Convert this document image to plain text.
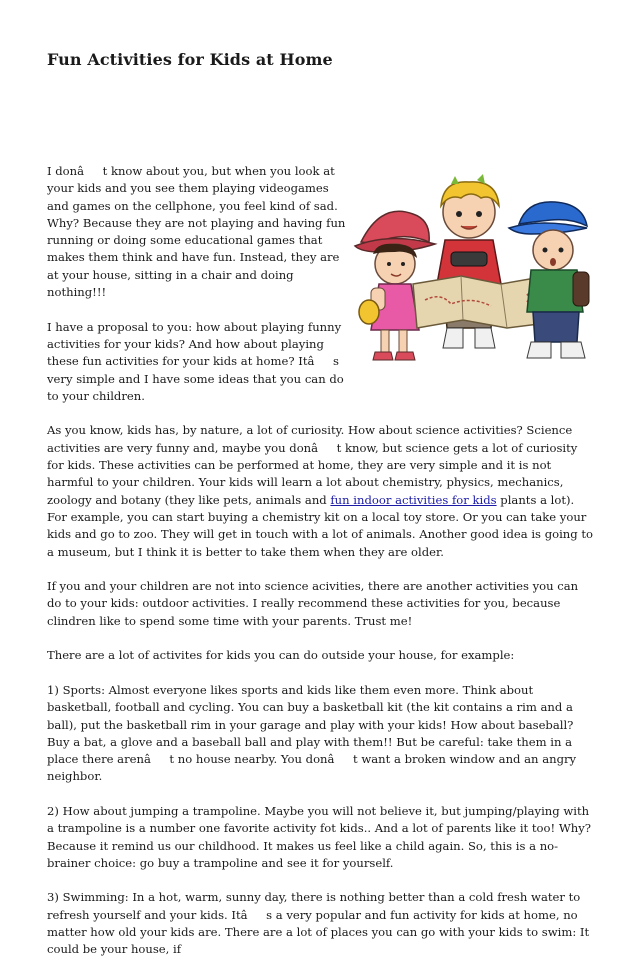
Fun Activities for Kids at Home

I donât know about you, but when you look at your kids and you see them playing videogames and games on the cellphone, you feel kind of sad. Why? Because they are not playing and having fun running or doing some educational games that makes them think and have fun. Instead, they are at your house, sitting in a chair and doing nothing!!!

I have a proposal to you: how about playing funny activities for your kids? And how about playing these fun activities for your kids at home? Itâs very simple and I have some ideas that you can do to your children.

As you know, kids has, by nature, a lot of curiosity. How about science activities? Science activities are very funny and, maybe you donât know, but science gets a lot of curiosity for kids. These activities can be performed at home, they are very simple and it is not harmful to your children. Your kids will learn a lot about chemistry, physics, mechanics, zoology and botany (they like pets, animals and fun indoor activities for kids plants a lot). For example, you can start buying a chemistry kit on a local toy store. Or you can take your kids and go to zoo. They will get in touch with a lot of animals. Another good idea is going to a museum, but I think it is better to take them when they are older.

If you and your children are not into science acivities, there are another activities you can do to your kids: outdoor activities. I really recommend these activities for you, because clindren like to spend some time with your parents. Trust me!

There are a lot of activites for kids you can do outside your house, for example:

1) Sports: Almost everyone likes sports and kids like them even more. Think about basketball, football and cycling. You can buy a basketball kit (the kit contains a rim and a ball), put the basketball rim in your garage and play with your kids! How about baseball? Buy a bat, a glove and a baseball ball and play with them!! But be careful: take them in a place there arenât no house nearby. You donât want a broken window and an angry neighbor.

2) How about jumping a trampoline. Maybe you will not believe it, but jumping/playing with a trampoline is a number one favorite activity fot kids.. And a lot of parents like it too! Why? Because it remind us our childhood. It makes us feel like a child again. So, this is a no-brainer choice: go buy a trampoline and see it for yourself.

3) Swimming: In a hot, warm, sunny day, there is nothing better than a cold fresh water to refresh yourself and your kids. Itâs a very popular and fun activity for kids at home, no matter how old your kids are. There are a lot of places you can go with your kids to swim: It could be your house, if
